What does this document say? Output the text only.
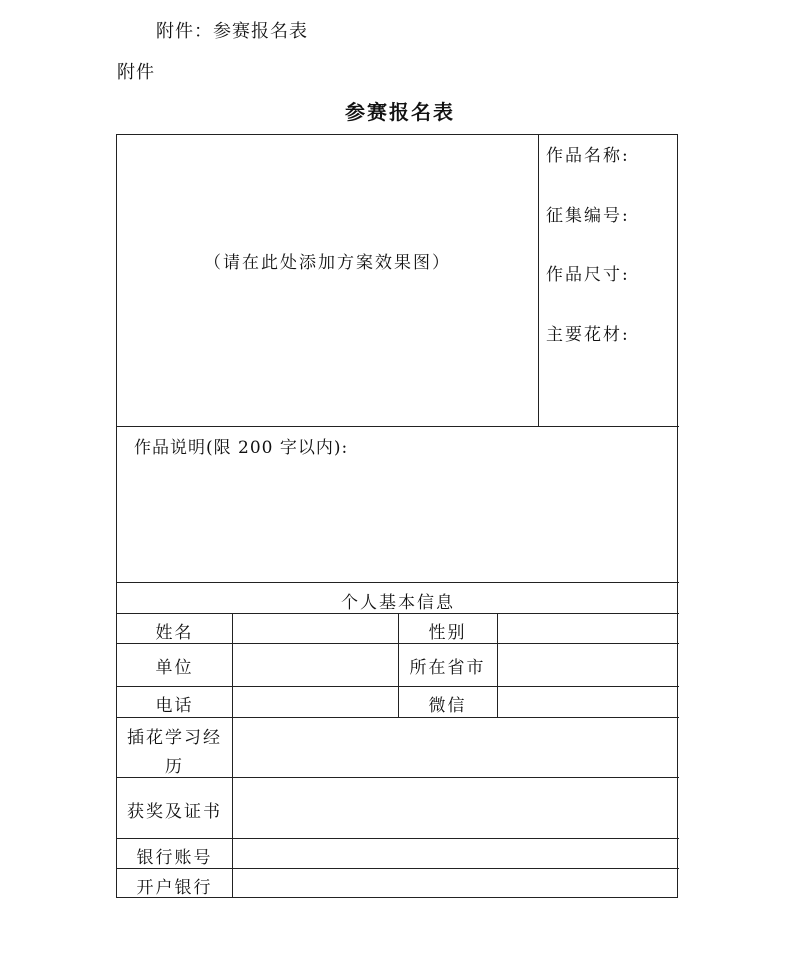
附件：参赛报名表
附件
参赛报名表
（请在此处添加方案效果图）
作品名称:
征集编号:
作品尺寸:
主要花材:
作品说明(限 200 字以内):
个人基本信息
姓名	性别
单位	所在省市
电话	微信
插花学习经
历
获奖及证书
银行账号
开户银行
